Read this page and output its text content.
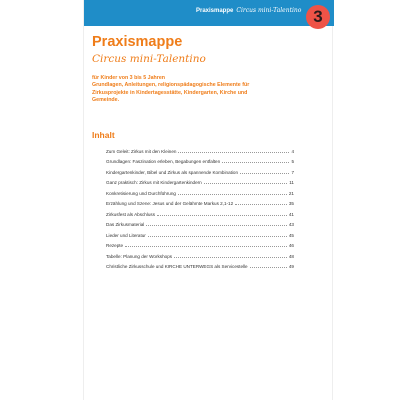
Praxismappe Circus mini-Talentino 3
Praxismappe
Circus mini-Talentino
für Kinder von 3 bis 5 Jahren
Grundlagen, Anleitungen, religionspädagogische Elemente für
Zirkusprojekte in Kindertagesstätte, Kindergarten, Kirche und
Gemeinde.
Inhalt
Zum Geleit: Zirkus mit den Kleinen	4
Grundlagen: Faszination erleben, Begabungen entfalten	5
Kindergartenkinder, Bibel und Zirkus als spannende Kombination	7
Ganz praktisch: Zirkus mit Kindergartenkindern	11
Konkretisierung und Durchführung	21
Erzählung und Szene: Jesus und der Gelähmte Markus 2,1-12	35
Zirkusfest als Abschluss	41
Das Zirkusmaterial	43
Lieder und Literatur	45
Rezepte	46
Tabelle: Planung der Workshops	48
Christliche Zirkusschule und KIRCHE UNTERWEGS als Servicestelle	49
